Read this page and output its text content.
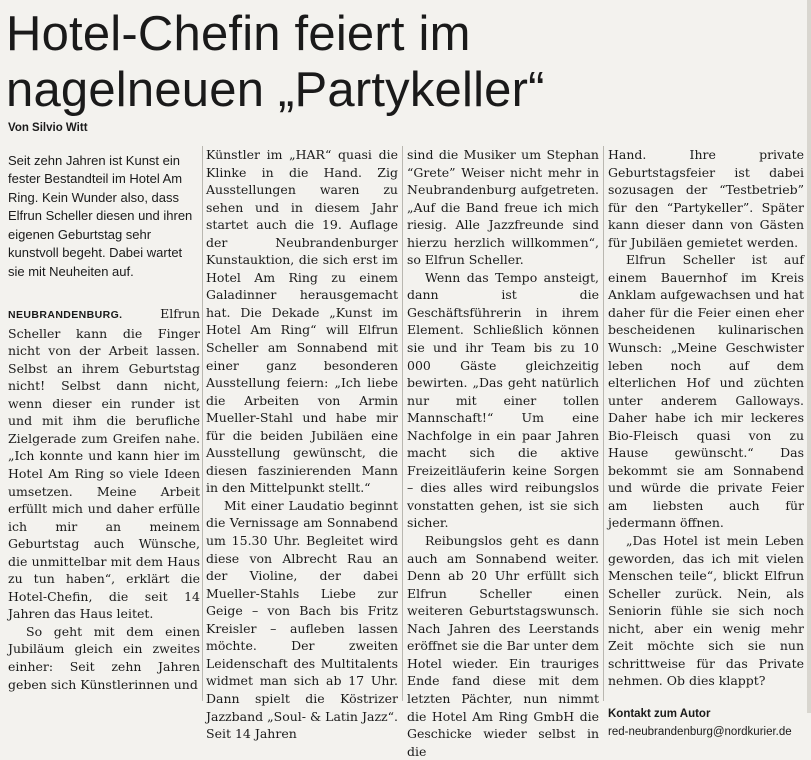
Hotel-Chefin feiert im
nagelneuen „Partykeller“

Von Silvio Witt

Seit zehn Jahren ist Kunst ein fester Bestandteil im Hotel Am Ring. Kein Wunder also, dass Elfrun Scheller diesen und ihren eigenen Geburtstag sehr kunstvoll begeht. Dabei wartet sie mit Neuheiten auf.

NEUBRANDENBURG.	Elfrun Scheller kann die Finger nicht von der Arbeit lassen. Selbst an ihrem Geburtstag nicht! Selbst dann nicht, wenn dieser ein runder ist und mit ihm die berufliche Zielgerade zum Greifen nahe. „Ich konnte und kann hier im Hotel Am Ring so viele Ideen umsetzen. Meine Arbeit erfüllt mich und daher erfülle ich mir an meinem Geburtstag auch Wünsche, die unmittelbar mit dem Haus zu tun haben“, erklärt die Hotel-Chefin, die seit 14 Jahren das Haus leitet.

So geht mit dem einen Jubiläum gleich ein zweites einher: Seit zehn Jahren geben sich Künstlerinnen und

Künstler im „HAR“ quasi die Klinke in die Hand. Zig Ausstellungen waren zu sehen und in diesem Jahr startet auch die 19. Auflage der Neubrandenburger Kunstauktion, die sich erst im Hotel Am Ring zu einem Galadinner herausgemacht hat. Die Dekade „Kunst im Hotel Am Ring“ will Elfrun Scheller am Sonnabend mit einer ganz besonderen Ausstellung feiern: „Ich liebe die Arbeiten von Armin Mueller-Stahl und habe mir für die beiden Jubiläen eine Ausstellung gewünscht, die diesen faszinierenden Mann in den Mittelpunkt stellt.“

Mit einer Laudatio beginnt die Vernissage am Sonnabend um 15.30 Uhr. Begleitet wird diese von Albrecht Rau an der Violine, der dabei Mueller-Stahls Liebe zur Geige – von Bach bis Fritz Kreisler – aufleben lassen möchte. Der zweiten Leidenschaft des Multitalents widmet man sich ab 17 Uhr. Dann spielt die Köstrizer Jazzband „Soul- & Latin Jazz“. Seit 14 Jahren

sind die Musiker um Stephan “Grete” Weiser nicht mehr in Neubrandenburg aufgetreten. „Auf die Band freue ich mich riesig. Alle Jazzfreunde sind hierzu herzlich willkommen“, so Elfrun Scheller.

Wenn das Tempo ansteigt, dann ist die Geschäftsführerin in ihrem Element. Schließlich können sie und ihr Team bis zu 10 000 Gäste gleichzeitig bewirten. „Das geht natürlich nur mit einer tollen Mannschaft!“ Um eine Nachfolge in ein paar Jahren macht sich die aktive Freizeitläuferin keine Sorgen – dies alles wird reibungslos vonstatten gehen, ist sie sich sicher.

Reibungslos geht es dann auch am Sonnabend weiter. Denn ab 20 Uhr erfüllt sich Elfrun Scheller einen weiteren Geburtstagswunsch. Nach Jahren des Leerstands eröffnet sie die Bar unter dem Hotel wieder. Ein trauriges Ende fand diese mit dem letzten Pächter, nun nimmt die Hotel Am Ring GmbH die Geschicke wieder selbst in die

Hand. Ihre private Geburtstagsfeier ist dabei sozusagen der “Testbetrieb” für den “Partykeller”. Später kann dieser dann von Gästen für Jubiläen gemietet werden.

Elfrun Scheller ist auf einem Bauernhof im Kreis Anklam aufgewachsen und hat daher für die Feier einen eher bescheidenen kulinarischen Wunsch: „Meine Geschwister leben noch auf dem elterlichen Hof und züchten unter anderem Galloways. Daher habe ich mir leckeres Bio-Fleisch quasi von zu Hause gewünscht.“ Das bekommt sie am Sonnabend und würde die private Feier am liebsten auch für jedermann öffnen.

„Das Hotel ist mein Leben geworden, das ich mit vielen Menschen teile“, blickt Elfrun Scheller zurück. Nein, als Seniorin fühle sie sich noch nicht, aber ein wenig mehr Zeit möchte sich sie nun schrittweise für das Private nehmen. Ob dies klappt?

Kontakt zum Autor

red-neubrandenburg@nordkurier.de
